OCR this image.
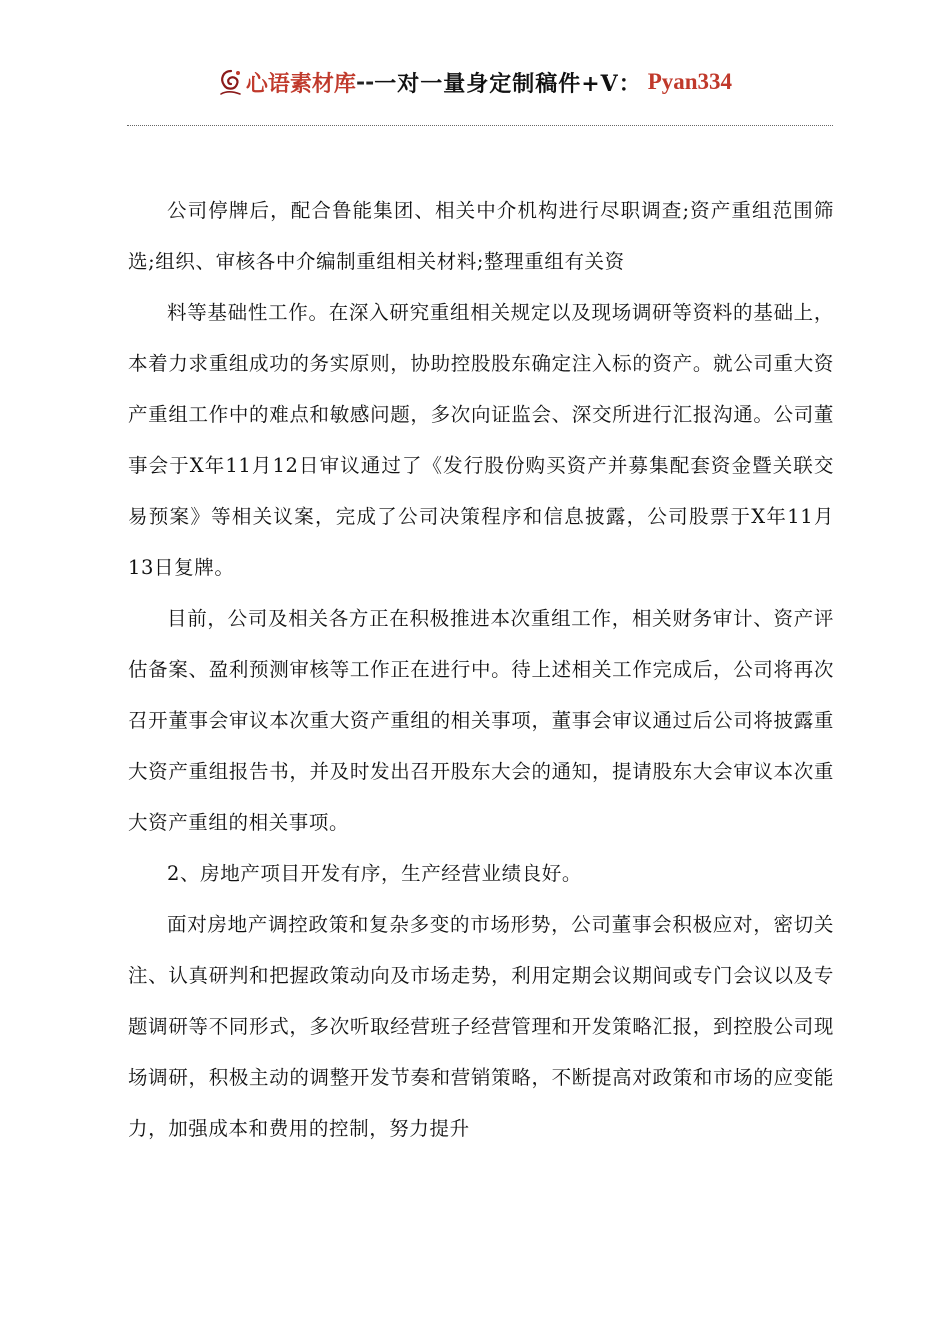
心语素材库 -- 一对一量身定制稿件+V： Pyan334

公司停牌后，配合鲁能集团、相关中介机构进行尽职调查;资产重组范围筛选;组织、审核各中介编制重组相关材料;整理重组有关资

料等基础性工作。在深入研究重组相关规定以及现场调研等资料的基础上，本着力求重组成功的务实原则，协助控股股东确定注入标的资产。就公司重大资产重组工作中的难点和敏感问题，多次向证监会、深交所进行汇报沟通。公司董事会于X年11月12日审议通过了《发行股份购买资产并募集配套资金暨关联交易预案》等相关议案，完成了公司决策程序和信息披露，公司股票于X年11月13日复牌。

目前，公司及相关各方正在积极推进本次重组工作，相关财务审计、资产评估备案、盈利预测审核等工作正在进行中。待上述相关工作完成后，公司将再次召开董事会审议本次重大资产重组的相关事项，董事会审议通过后公司将披露重大资产重组报告书，并及时发出召开股东大会的通知，提请股东大会审议本次重大资产重组的相关事项。

2、房地产项目开发有序，生产经营业绩良好。

面对房地产调控政策和复杂多变的市场形势，公司董事会积极应对，密切关注、认真研判和把握政策动向及市场走势，利用定期会议期间或专门会议以及专题调研等不同形式，多次听取经营班子经营管理和开发策略汇报，到控股公司现场调研，积极主动的调整开发节奏和营销策略，不断提高对政策和市场的应变能力，加强成本和费用的控制，努力提升
